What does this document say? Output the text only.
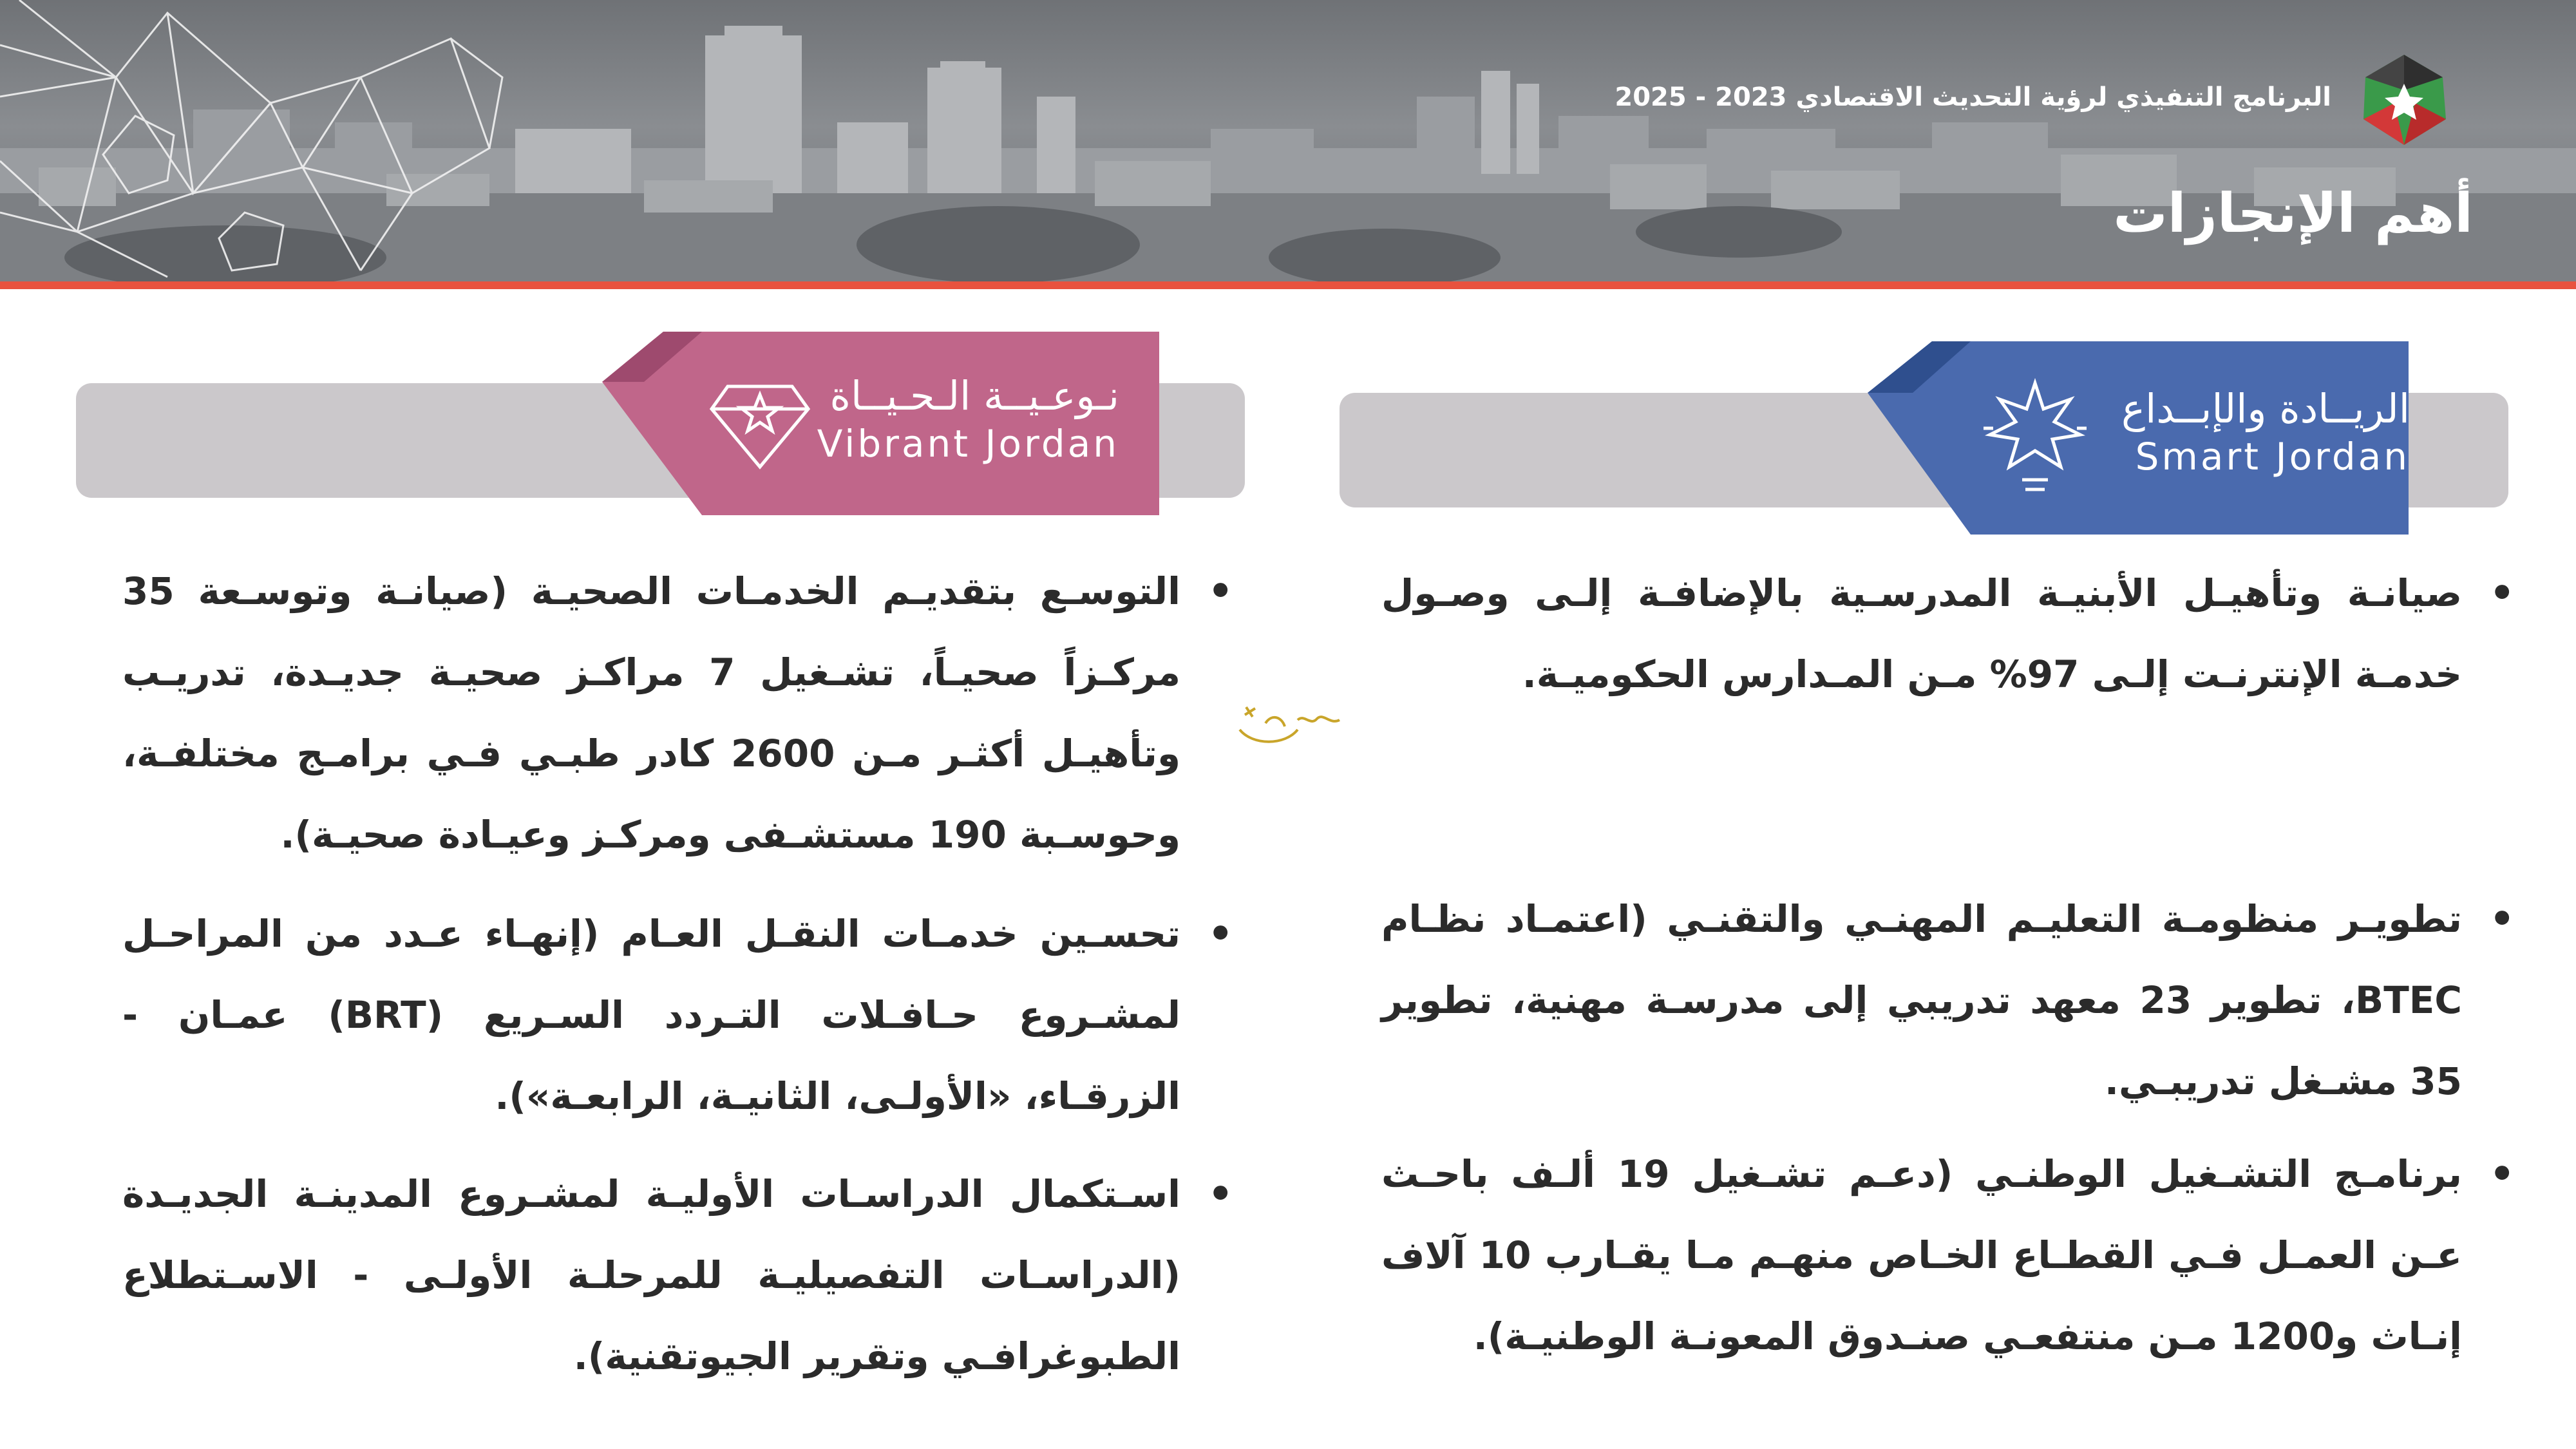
البرنامج التنفيذي لرؤية التحديث الاقتصادي 2023 - 2025
أهم الإنجازات
الريــادة والإبــداع
Smart Jordan
• صيانـة وتأهيـل الأبنيـة المدرسـية بالإضافـة إلـى وصـول خدمـة الإنترنـت إلـى 97% مـن المـدارس الحكوميـة.
• تطويـر منظومـة التعليـم المهنـي والتقنـي (اعتمـاد نظـام BTEC، تطوير 23 معهد تدريبي إلى مدرسـة مهنية، تطوير 35 مشـغل تدريبـي.
• برنامـج التشـغيل الوطنـي (دعـم تشـغيل 19 ألـف باحـث عـن العمـل فـي القطـاع الخـاص منهـم مـا يقـارب 10 آلاف إنـاث و1200 مـن منتفعـي صنـدوق المعونـة الوطنيـة).
نـوعـيــة الـحـيــاة
Vibrant Jordan
• التوسـع بتقديـم الخدمـات الصحيـة (صيانـة وتوسـعة 35 مركـزاً صحيـاً، تشـغيل 7 مراكـز صحيـة جديـدة، تدريـب وتأهيـل أكثـر مـن 2600 كادر طبـي فـي برامـج مختلفـة، وحوسـبة 190 مستشـفى ومركـز وعيـادة صحيـة).
• تحسـين خدمـات النقـل العـام (إنهـاء عـدد من المراحـل لمشـروع حـافـلات التـردد السـريع (BRT) عمـان - الزرقـاء، «الأولـى، الثانيـة، الرابعـة»).
• اسـتكمال الدراسـات الأوليـة لمشـروع المدينـة الجديـدة (الدراسـات التفصيليـة للمرحلـة الأولـى - الاسـتطلاع الطبوغرافـي وتقرير الجيوتقنية).
